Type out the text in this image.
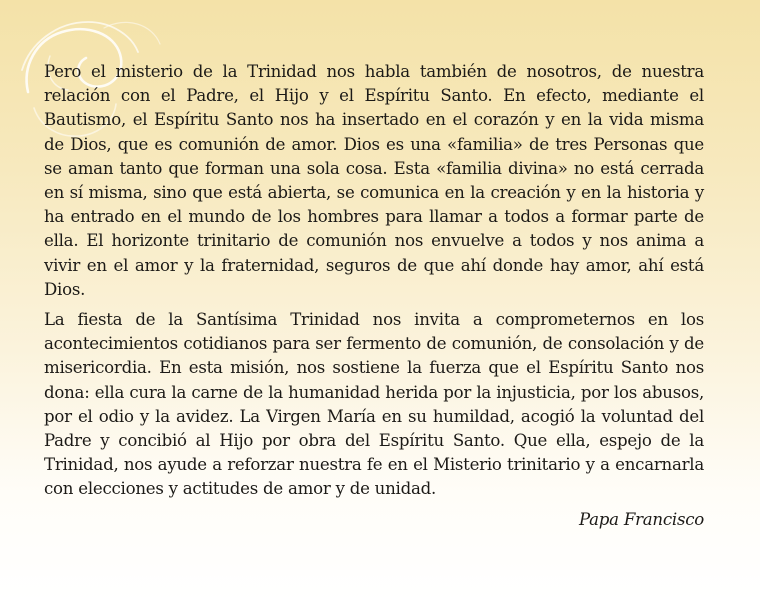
Pero el misterio de la Trinidad nos habla también de nosotros, de nuestra relación con el Padre, el Hijo y el Espíritu Santo. En efecto, mediante el Bautismo, el Espíritu Santo nos ha insertado en el corazón y en la vida misma de Dios, que es comunión de amor. Dios es una «familia» de tres Personas que se aman tanto que forman una sola cosa. Esta «familia divina» no está cerrada en sí misma, sino que está abierta, se comunica en la creación y en la historia y ha entrado en el mundo de los hombres para llamar a todos a formar parte de ella. El horizonte trinitario de comunión nos envuelve a todos y nos anima a vivir en el amor y la fraternidad, seguros de que ahí donde hay amor, ahí está Dios.

La fiesta de la Santísima Trinidad nos invita a comprometernos en los acontecimientos cotidianos para ser fermento de comunión, de consolación y de misericordia. En esta misión, nos sostiene la fuerza que el Espíritu Santo nos dona: ella cura la carne de la humanidad herida por la injusticia, por los abusos, por el odio y la avidez. La Virgen María en su humildad, acogió la voluntad del Padre y concibió al Hijo por obra del Espíritu Santo. Que ella, espejo de la Trinidad, nos ayude a reforzar nuestra fe en el Misterio trinitario y a encarnarla con elecciones y actitudes de amor y de unidad.

Papa Francisco
